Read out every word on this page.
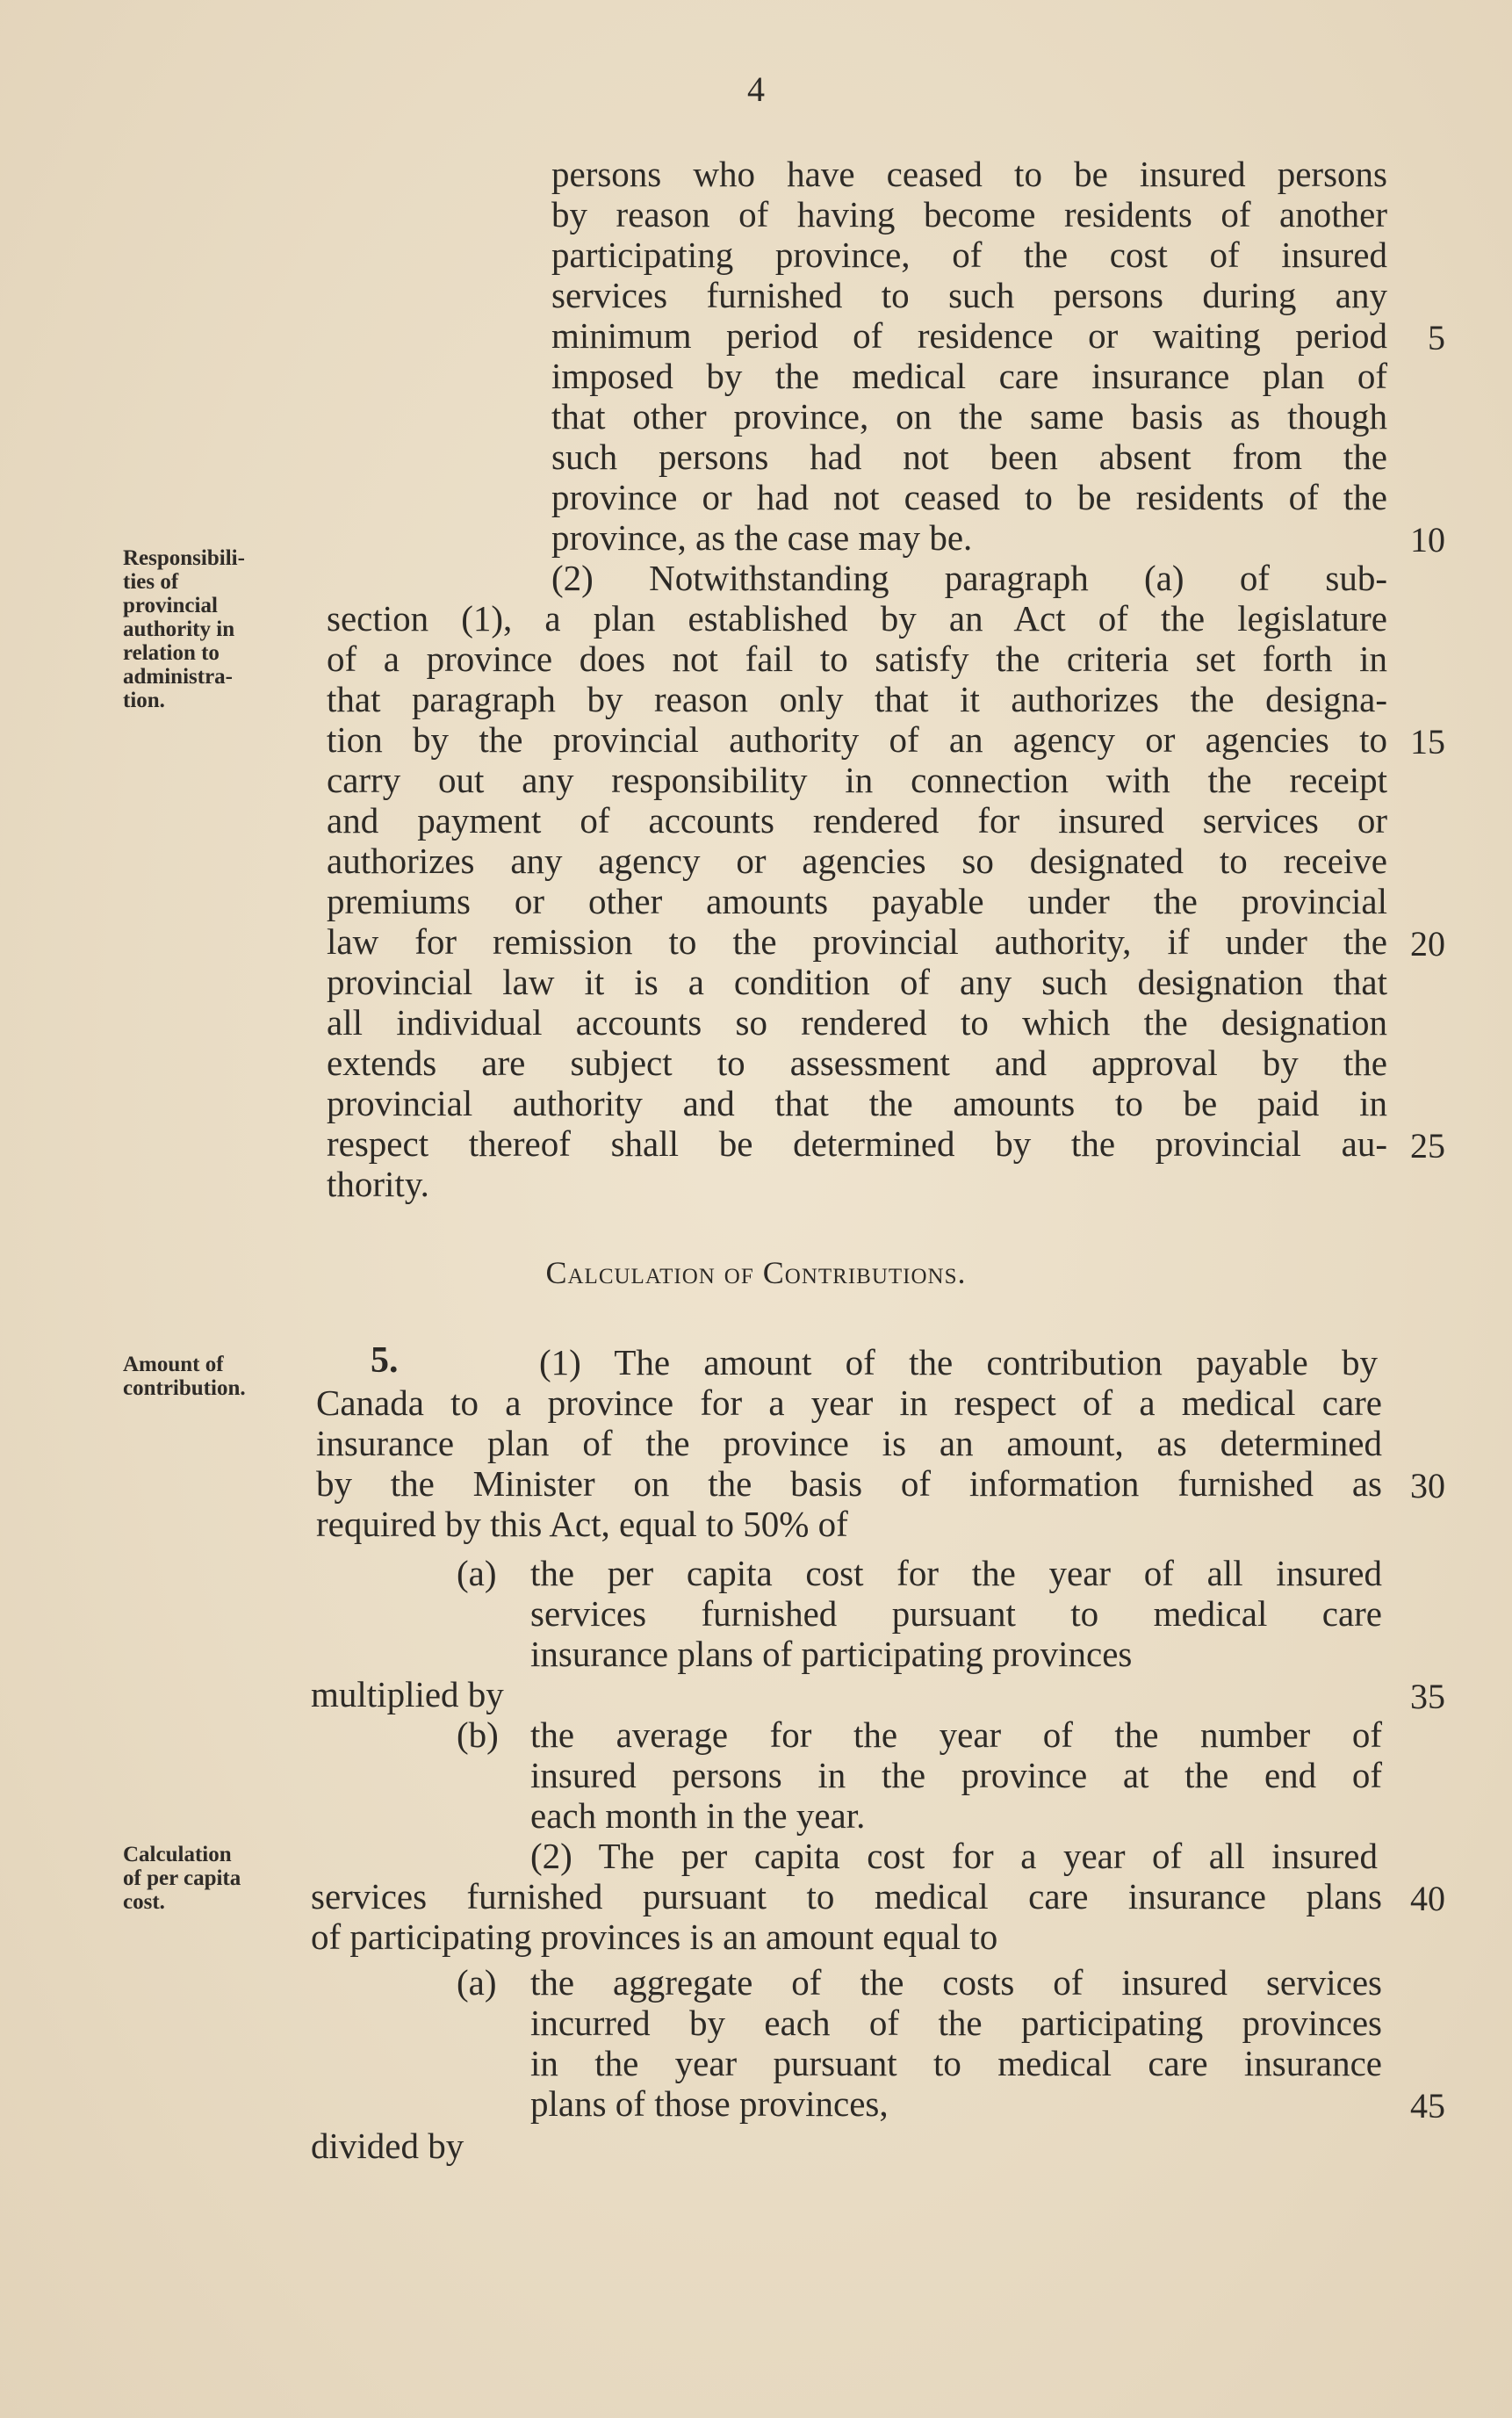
4
Responsibili-
ties of
provincial
authority in
relation to
administra-
tion.
Amount of
contribution.
Calculation
of per capita
cost.
persons who have ceased to be insured persons
by reason of having become residents of another
participating province, of the cost of insured
services furnished to such persons during any
minimum period of residence or waiting period
imposed by the medical care insurance plan of
that other province, on the same basis as though
such persons had not been absent from the
province or had not ceased to be residents of the
province, as the case may be.
(2) Notwithstanding paragraph (a) of sub-
section (1), a plan established by an Act of the legislature
of a province does not fail to satisfy the criteria set forth in
that paragraph by reason only that it authorizes the designa-
tion by the provincial authority of an agency or agencies to
carry out any responsibility in connection with the receipt
and payment of accounts rendered for insured services or
authorizes any agency or agencies so designated to receive
premiums or other amounts payable under the provincial
law for remission to the provincial authority, if under the
provincial law it is a condition of any such designation that
all individual accounts so rendered to which the designation
extends are subject to assessment and approval by the
provincial authority and that the amounts to be paid in
respect thereof shall be determined by the provincial au-
thority.
Calculation of Contributions.
5.	(1) The amount of the contribution payable by
Canada to a province for a year in respect of a medical care
insurance plan of the province is an amount, as determined
by the Minister on the basis of information furnished as
required by this Act, equal to 50% of
(a) the per capita cost for the year of all insured
services furnished pursuant to medical care
insurance plans of participating provinces
multiplied by
(b) the average for the year of the number of
insured persons in the province at the end of
each month in the year.
(2) The per capita cost for a year of all insured
services furnished pursuant to medical care insurance plans
of participating provinces is an amount equal to
(a) the aggregate of the costs of insured services
incurred by each of the participating provinces
in the year pursuant to medical care insurance
plans of those provinces,
divided by
5
10
15
20
25
30
35
40
45
